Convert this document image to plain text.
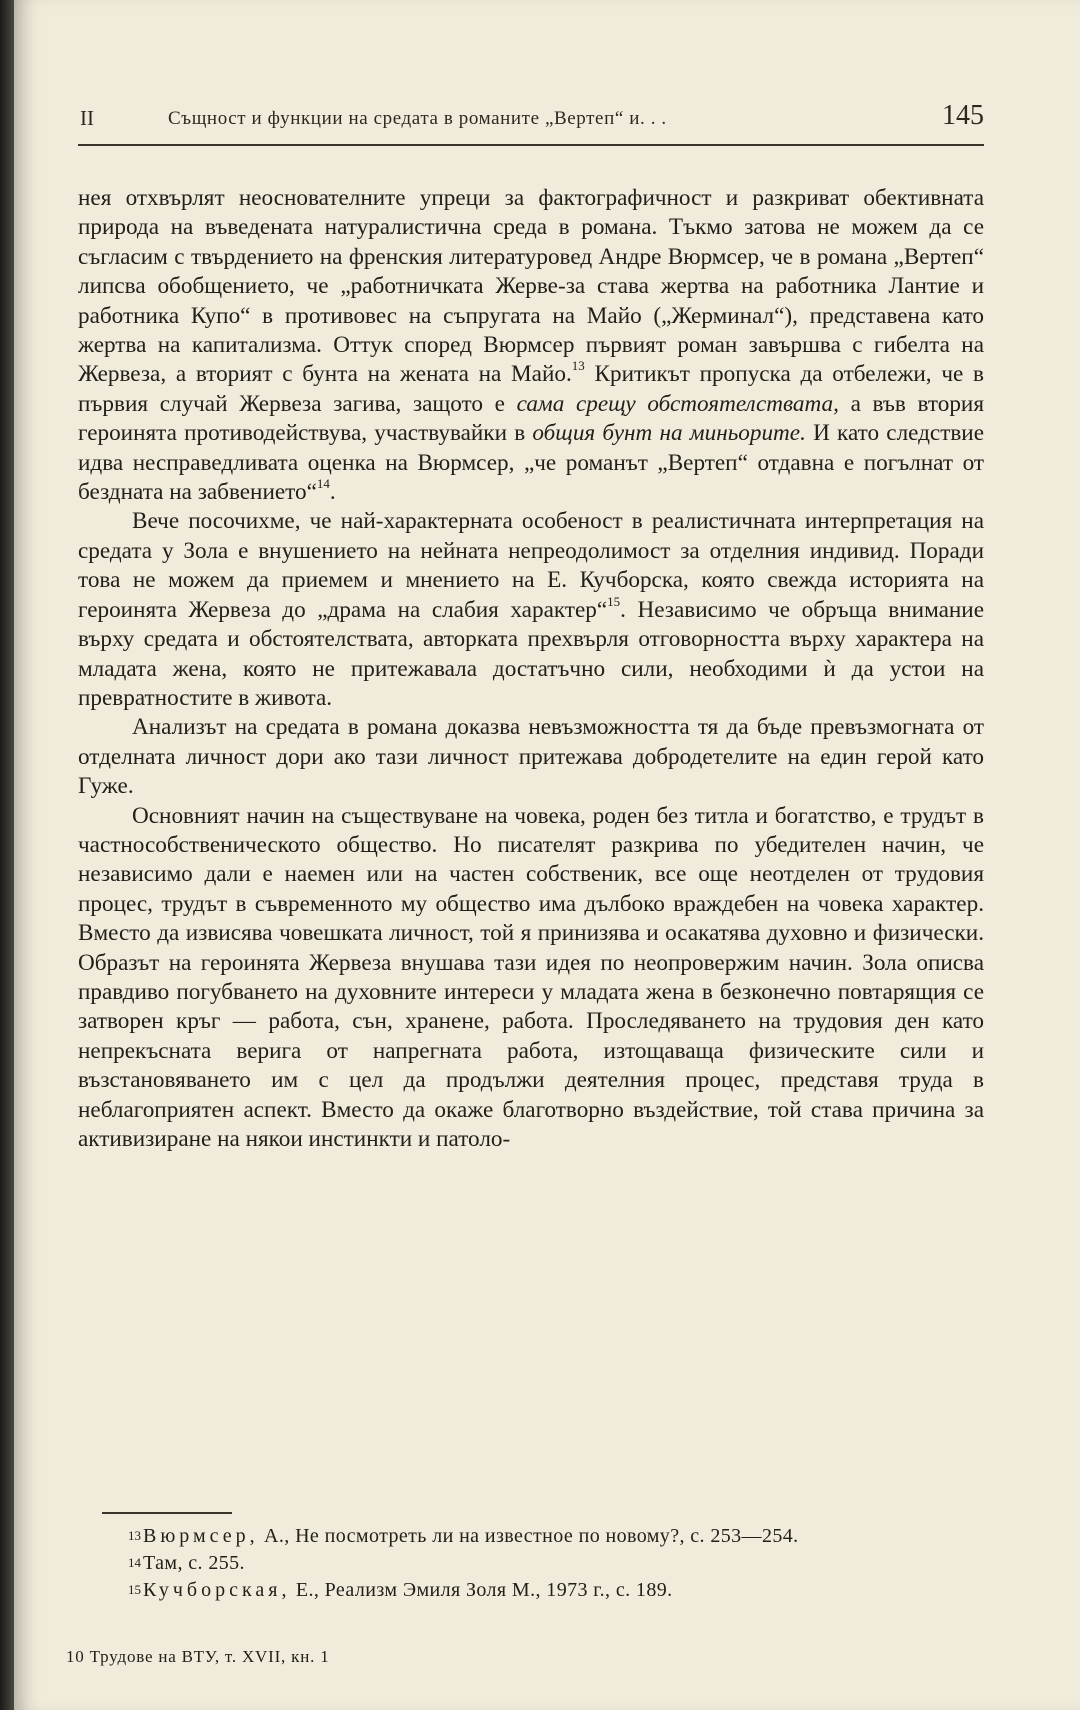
II	Същност и функции на средата в романите „Вертеп“ и. . .	145

нея отхвърлят неоснователните упреци за фактографичност и разкриват обективната природа на въведената натуралистична среда в романа. Тъкмо затова не можем да се съгласим с твърдението на френския литературовед Андре Вюрмсер, че в романа „Вертеп“ липсва обобщението, че „работничката Жерве-за става жертва на работника Лантие и работника Купо“ в противовес на съпругата на Майо („Жерминал“), представена като жертва на капитализма. Оттук според Вюрмсер първият роман завършва с гибелта на Жервеза, а вторият с бунта на жената на Майо.$^{13}$ Критикът пропуска да отбележи, че в първия случай Жервеза загива, защото е сама срещу обстоятелствата, а във втория героинята противодействува, участвувайки в общия бунт на миньорите. И като следствие идва несправедливата оценка на Вюрмсер, „че романът „Вертеп“ отдавна е погълнат от бездната на забвението“$^{14}$.

Вече посочихме, че най-характерната особеност в реалистичната интерпретация на средата у Зола е внушението на нейната непреодолимост за отделния индивид. Поради това не можем да приемем и мнението на Е. Кучборска, която свежда историята на героинята Жервеза до „драма на слабия характер“$^{15}$. Независимо че обръща внимание върху средата и обстоятелствата, авторката прехвърля отговорността върху характера на младата жена, която не притежавала достатъчно сили, необходими ѝ да устои на превратностите в живота.

Анализът на средата в романа доказва невъзможността тя да бъде превъзмогната от отделната личност дори ако тази личност притежава добродетелите на един герой като Гуже.

Основният начин на съществуване на човека, роден без титла и богатство, е трудът в частнособственическото общество. Но писателят разкрива по убедителен начин, че независимо дали е наемен или на частен собственик, все още неотделен от трудовия процес, трудът в съвременното му общество има дълбоко враждебен на човека характер. Вместо да извисява човешката личност, той я принизява и осакатява духовно и физически. Образът на героинята Жервеза внушава тази идея по неопровержим начин. Зола описва правдиво погубването на духовните интереси у младата жена в безконечно повтарящия се затворен кръг — работа, сън, хранене, работа. Проследяването на трудовия ден като непрекъсната верига от напрегната работа, изтощаваща физическите сили и възстановяването им с цел да продължи деятелния процес, представя труда в неблагоприятен аспект. Вместо да окаже благотворно въздействие, той става причина за активизиране на някои инстинкти и патоло-

$^{13}$ Вюрмсер, А., Не посмотреть ли на известное по новому?, с. 253—254.

$^{14}$ Там, с. 255.

$^{15}$ Кучборская, Е., Реализм Эмиля Золя М., 1973 г., с. 189.

10 Трудове на ВТУ, т. XVII, кн. 1
